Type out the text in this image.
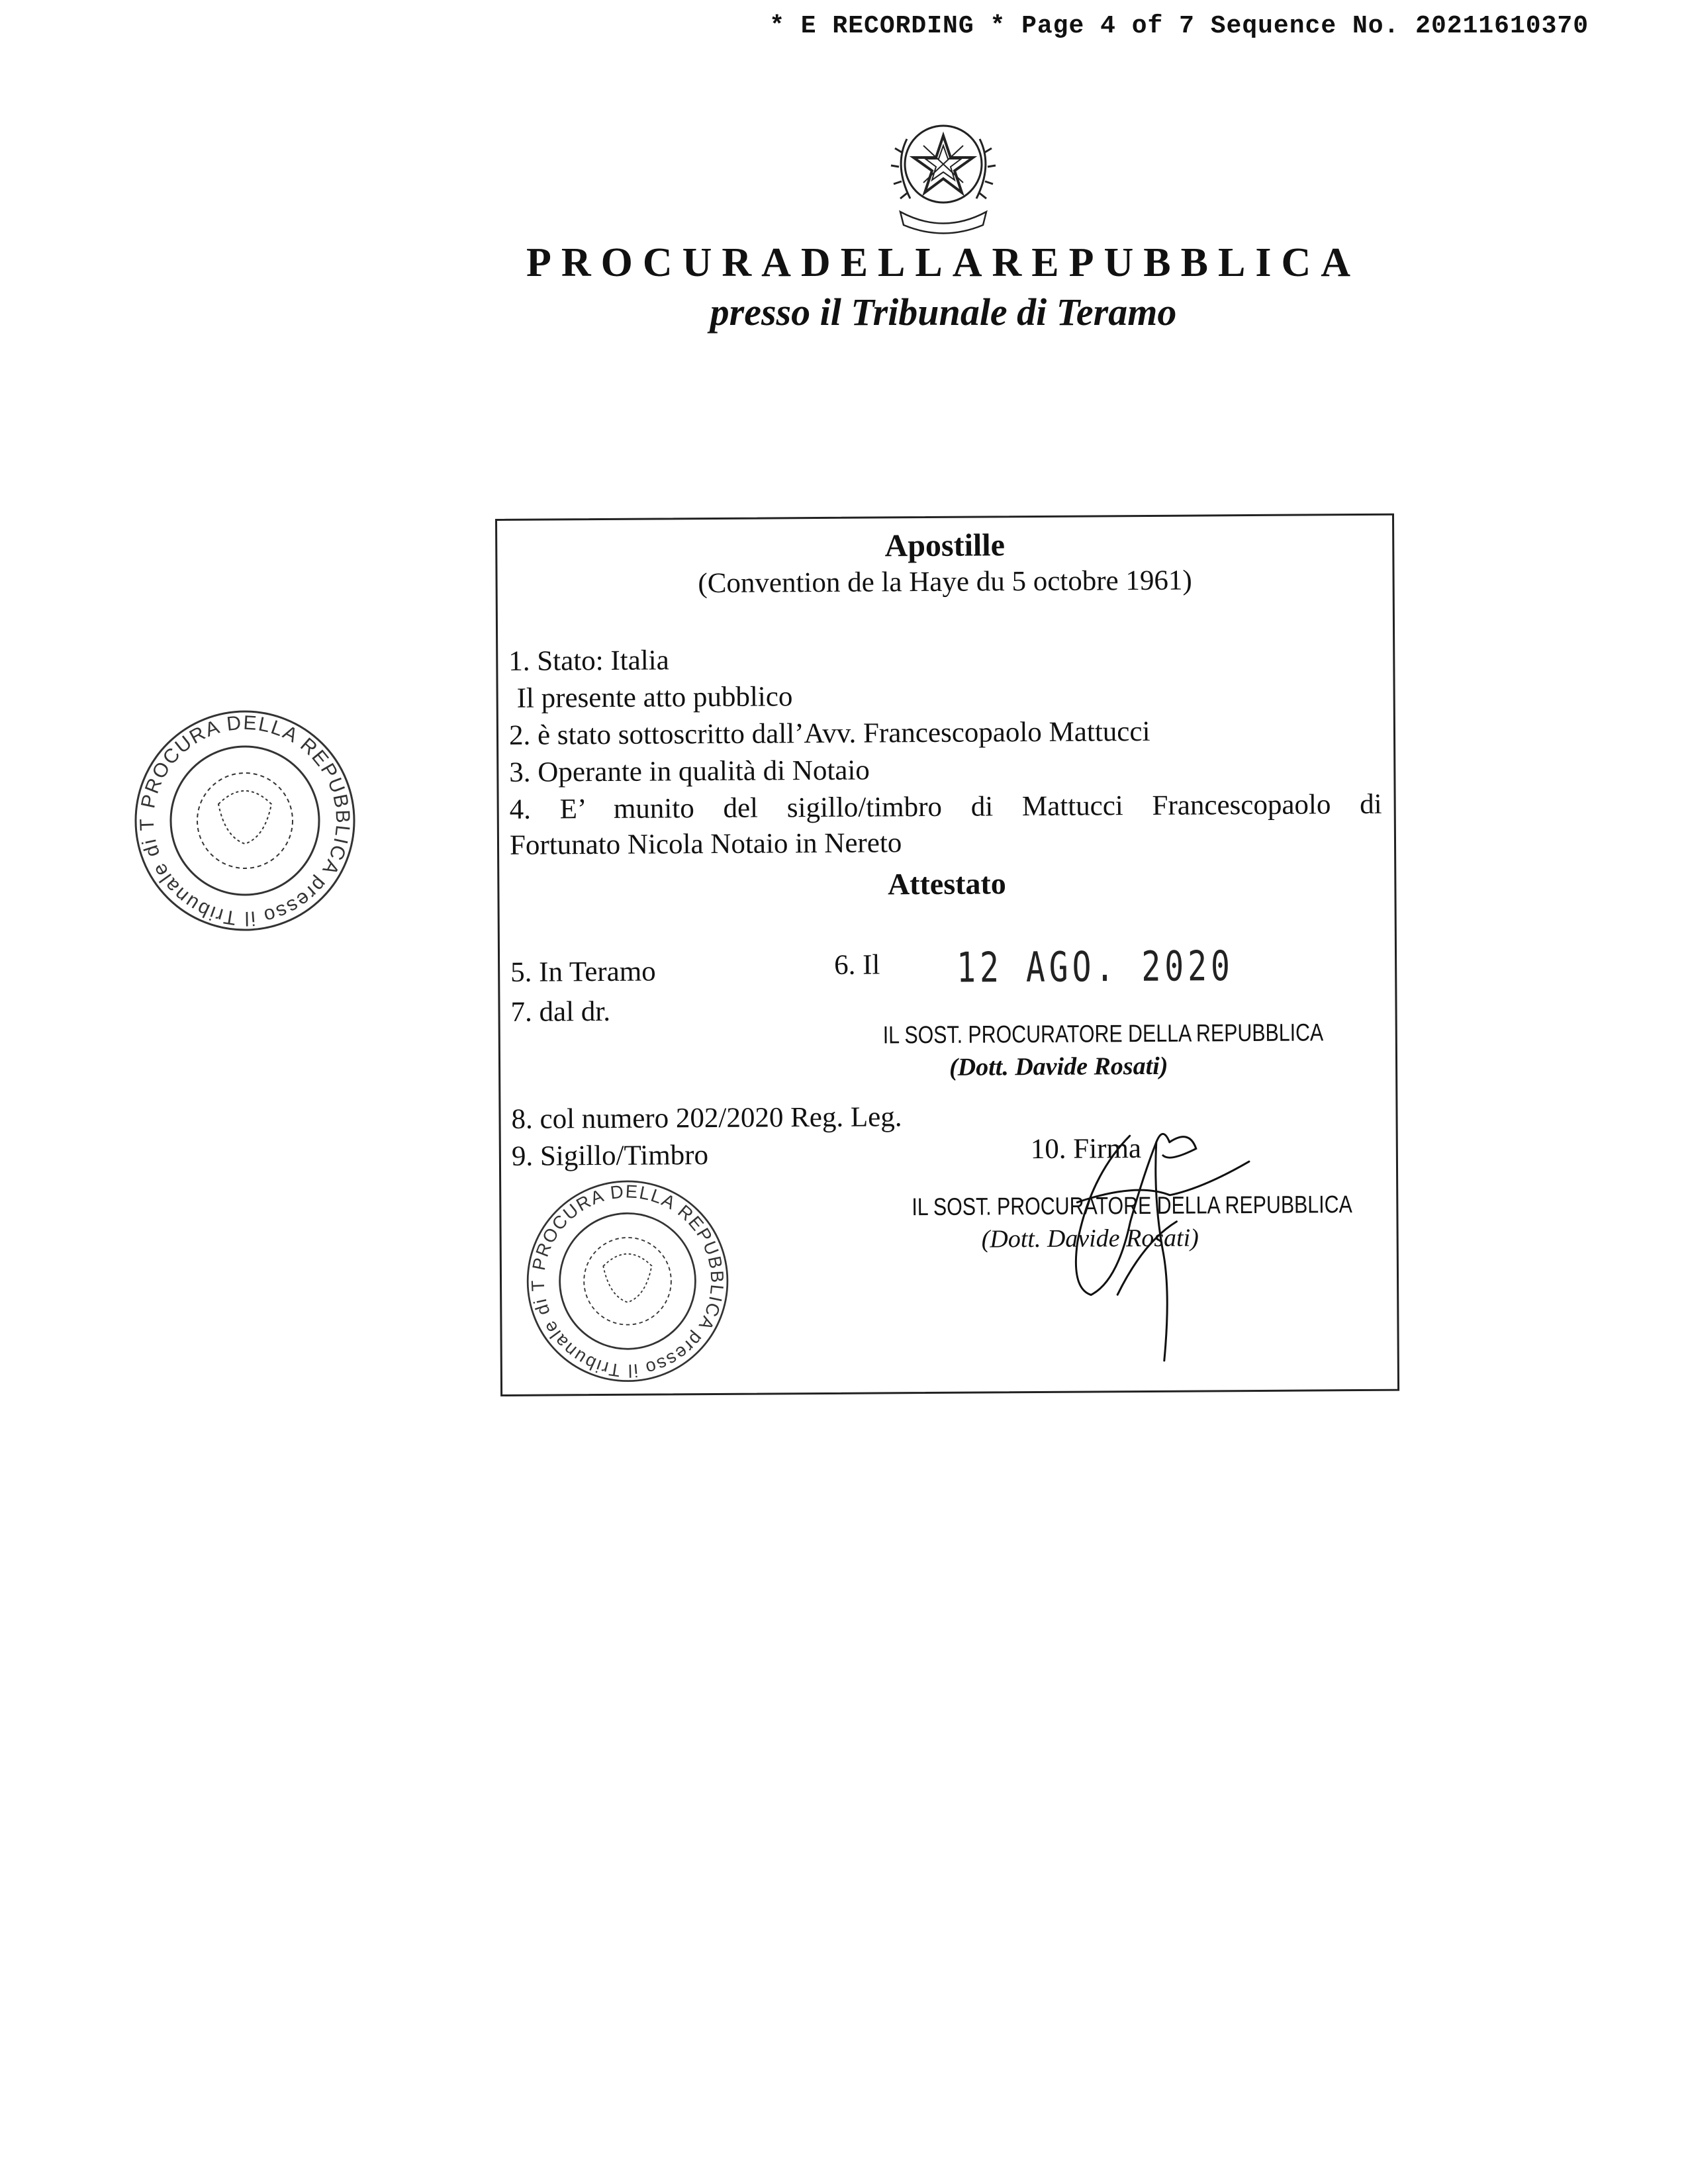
* E RECORDING * Page 4 of 7 Sequence No. 20211610370
PROCURADELLAREPUBBLICA
presso il Tribunale di Teramo
PROCURA DELLA REPUBBLICA presso il Tribunale di T
Apostille
(Convention de la Haye du 5 octobre 1961)
1. Stato: Italia
Il presente atto pubblico
2. è stato sottoscritto dall’Avv. Francescopaolo Mattucci
3. Operante in qualità di Notaio
4. E’ munito del sigillo/timbro di Mattucci Francescopaolo di
Fortunato Nicola Notaio in Nereto
Attestato
5. In Teramo	6. Il 12 AGO. 2020
7. dal dr.
IL SOST. PROCURATORE DELLA REPUBBLICA
(Dott. Davide Rosati)
8. col numero 202/2020 Reg. Leg.
9. Sigillo/Timbro	10. Firma
IL SOST. PROCURATORE DELLA REPUBBLICA
(Dott. Davide Rosati)
PROCURA DELLA REPUBBLICA presso il Tribunale di TERAMO
